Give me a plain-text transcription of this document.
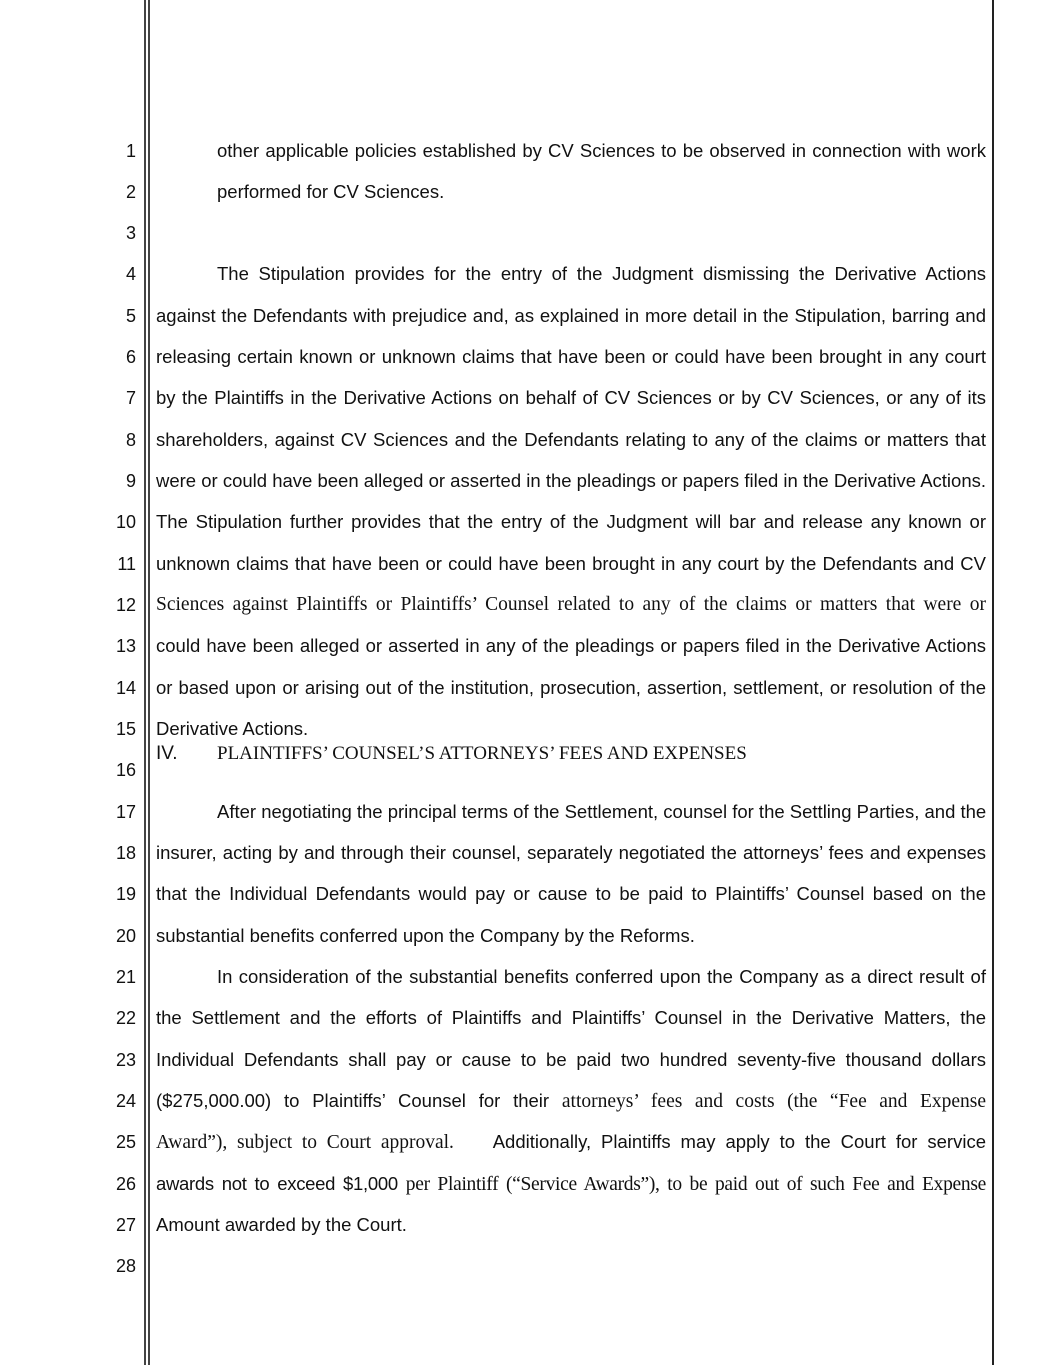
1
2
3
4
5
6
7
8
9
10
11
12
13
14
15
16
17
18
19
20
21
22
23
24
25
26
27
28
other applicable policies established by CV Sciences to be observed in connection with work
performed for CV Sciences.
The Stipulation provides for the entry of the Judgment dismissing the Derivative Actions
against the Defendants with prejudice and, as explained in more detail in the Stipulation, barring and
releasing certain known or unknown claims that have been or could have been brought in any court
by the Plaintiffs in the Derivative Actions on behalf of CV Sciences or by CV Sciences, or any of its
shareholders, against CV Sciences and the Defendants relating to any of the claims or matters that
were or could have been alleged or asserted in the pleadings or papers filed in the Derivative Actions.
The Stipulation further provides that the entry of the Judgment will bar and release any known or
unknown claims that have been or could have been brought in any court by the Defendants and CV
Sciences against Plaintiffs or Plaintiffs’ Counsel related to any of the claims or matters that were or
could have been alleged or asserted in any of the pleadings or papers filed in the Derivative Actions
or based upon or arising out of the institution, prosecution, assertion, settlement, or resolution of the
Derivative Actions.
IV. PLAINTIFFS’ COUNSEL’S ATTORNEYS’ FEES AND EXPENSES
After negotiating the principal terms of the Settlement, counsel for the Settling Parties, and the
insurer, acting by and through their counsel, separately negotiated the attorneys’ fees and expenses
that the Individual Defendants would pay or cause to be paid to Plaintiffs’ Counsel based on the
substantial benefits conferred upon the Company by the Reforms.
In consideration of the substantial benefits conferred upon the Company as a direct result of
the Settlement and the efforts of Plaintiffs and Plaintiffs’ Counsel in the Derivative Matters, the
Individual Defendants shall pay or cause to be paid two hundred seventy-five thousand dollars
($275,000.00) to Plaintiffs’ Counsel for their attorneys’ fees and costs (the “Fee and Expense
Award”), subject to Court approval. Additionally, Plaintiffs may apply to the Court for service
awards not to exceed $1,000 per Plaintiff (“Service Awards”), to be paid out of such Fee and Expense
Amount awarded by the Court.
